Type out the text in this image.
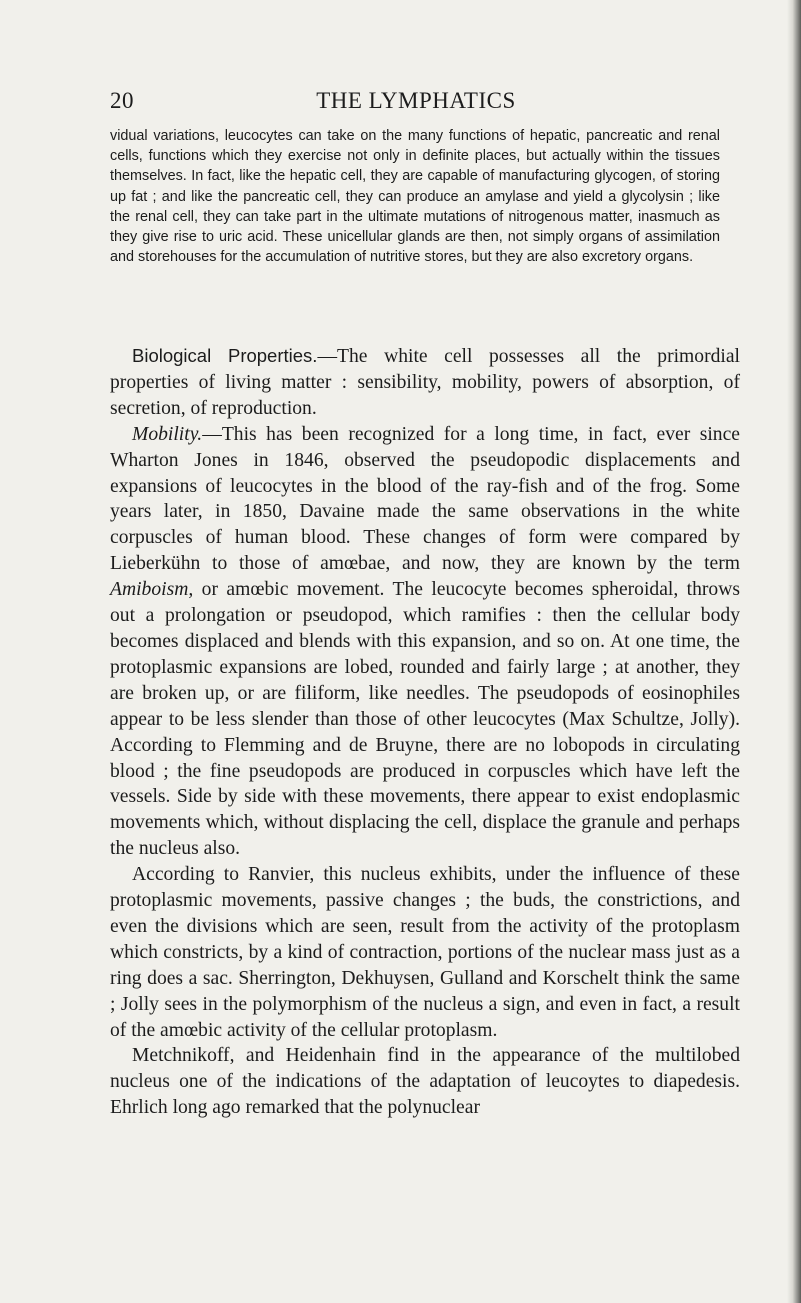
20	THE LYMPHATICS

vidual variations, leucocytes can take on the many functions of hepatic, pancreatic and renal cells, functions which they exercise not only in definite places, but actually within the tissues themselves. In fact, like the hepatic cell, they are capable of manufacturing glycogen, of storing up fat ; and like the pancreatic cell, they can produce an amylase and yield a glycolysin ; like the renal cell, they can take part in the ultimate mutations of nitrogenous matter, inasmuch as they give rise to uric acid. These unicellular glands are then, not simply organs of assimilation and storehouses for the accumulation of nutritive stores, but they are also excretory organs.

Biological Properties.—The white cell possesses all the primordial properties of living matter : sensibility, mobility, powers of absorption, of secretion, of reproduction.

Mobility.—This has been recognized for a long time, in fact, ever since Wharton Jones in 1846, observed the pseudopodic displacements and expansions of leucocytes in the blood of the ray-fish and of the frog. Some years later, in 1850, Davaine made the same observations in the white corpuscles of human blood. These changes of form were compared by Lieberkühn to those of amœbae, and now, they are known by the term Amiboism, or amœbic movement. The leucocyte becomes spheroidal, throws out a prolongation or pseudopod, which ramifies : then the cellular body becomes displaced and blends with this expansion, and so on. At one time, the protoplasmic expansions are lobed, rounded and fairly large ; at another, they are broken up, or are filiform, like needles. The pseudopods of eosinophiles appear to be less slender than those of other leucocytes (Max Schultze, Jolly). According to Flemming and de Bruyne, there are no lobopods in circulating blood ; the fine pseudopods are produced in corpuscles which have left the vessels. Side by side with these movements, there appear to exist endoplasmic movements which, without displacing the cell, displace the granule and perhaps the nucleus also.

According to Ranvier, this nucleus exhibits, under the influence of these protoplasmic movements, passive changes ; the buds, the constrictions, and even the divisions which are seen, result from the activity of the protoplasm which constricts, by a kind of contraction, portions of the nuclear mass just as a ring does a sac. Sherrington, Dekhuysen, Gulland and Korschelt think the same ; Jolly sees in the polymorphism of the nucleus a sign, and even in fact, a result of the amœbic activity of the cellular protoplasm.

Metchnikoff, and Heidenhain find in the appearance of the multilobed nucleus one of the indications of the adaptation of leucoytes to diapedesis. Ehrlich long ago remarked that the polynuclear
